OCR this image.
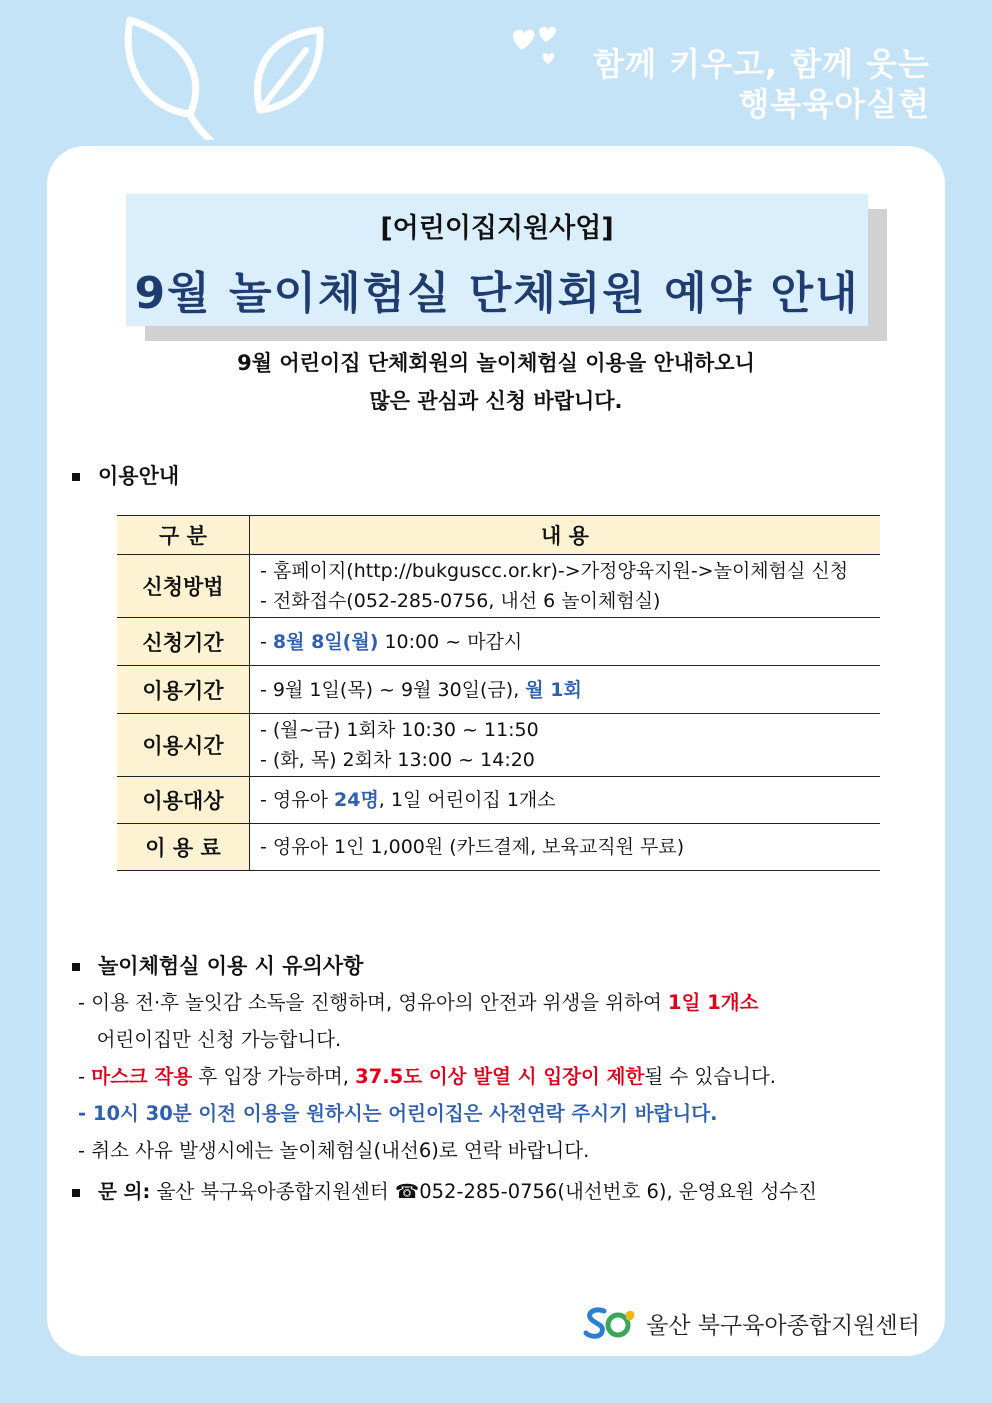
함께 키우고, 함께 웃는
행복육아실현
[어린이집지원사업]
9월 놀이체험실 단체회원 예약 안내
9월 어린이집 단체회원의 놀이체험실 이용을 안내하오니
많은 관심과 신청 바랍니다.
이용안내
구 분	내 용
신청방법	- 홈페이지(http://bukguscc.or.kr)->가정양육지원->놀이체험실 신청
- 전화접수(052-285-0756, 내선 6 놀이체험실)

신청기간	- 8월 8일(월) 10:00 ~ 마감시
이용기간	- 9월 1일(목) ~ 9월 30일(금), 월 1회
이용시간	- (월~금) 1회차 10:30 ~ 11:50
- (화, 목) 2회차 13:00 ~ 14:20

이용대상	- 영유아 24명, 1일 어린이집 1개소
이 용 료	- 영유아 1인 1,000원 (카드결제, 보육교직원 무료)
놀이체험실 이용 시 유의사항
- 이용 전·후 놀잇감 소독을 진행하며, 영유아의 안전과 위생을 위하여 1일 1개소
어린이집만 신청 가능합니다.
- 마스크 작용 후 입장 가능하며, 37.5도 이상 발열 시 입장이 제한될 수 있습니다.
- 10시 30분 이전 이용을 원하시는 어린이집은 사전연락 주시기 바랍니다.
- 취소 사유 발생시에는 놀이체험실(내선6)로 연락 바랍니다.
문 의: 울산 북구육아종합지원센터 ☎052-285-0756(내선번호 6), 운영요원 성수진
울산 북구육아종합지원센터
